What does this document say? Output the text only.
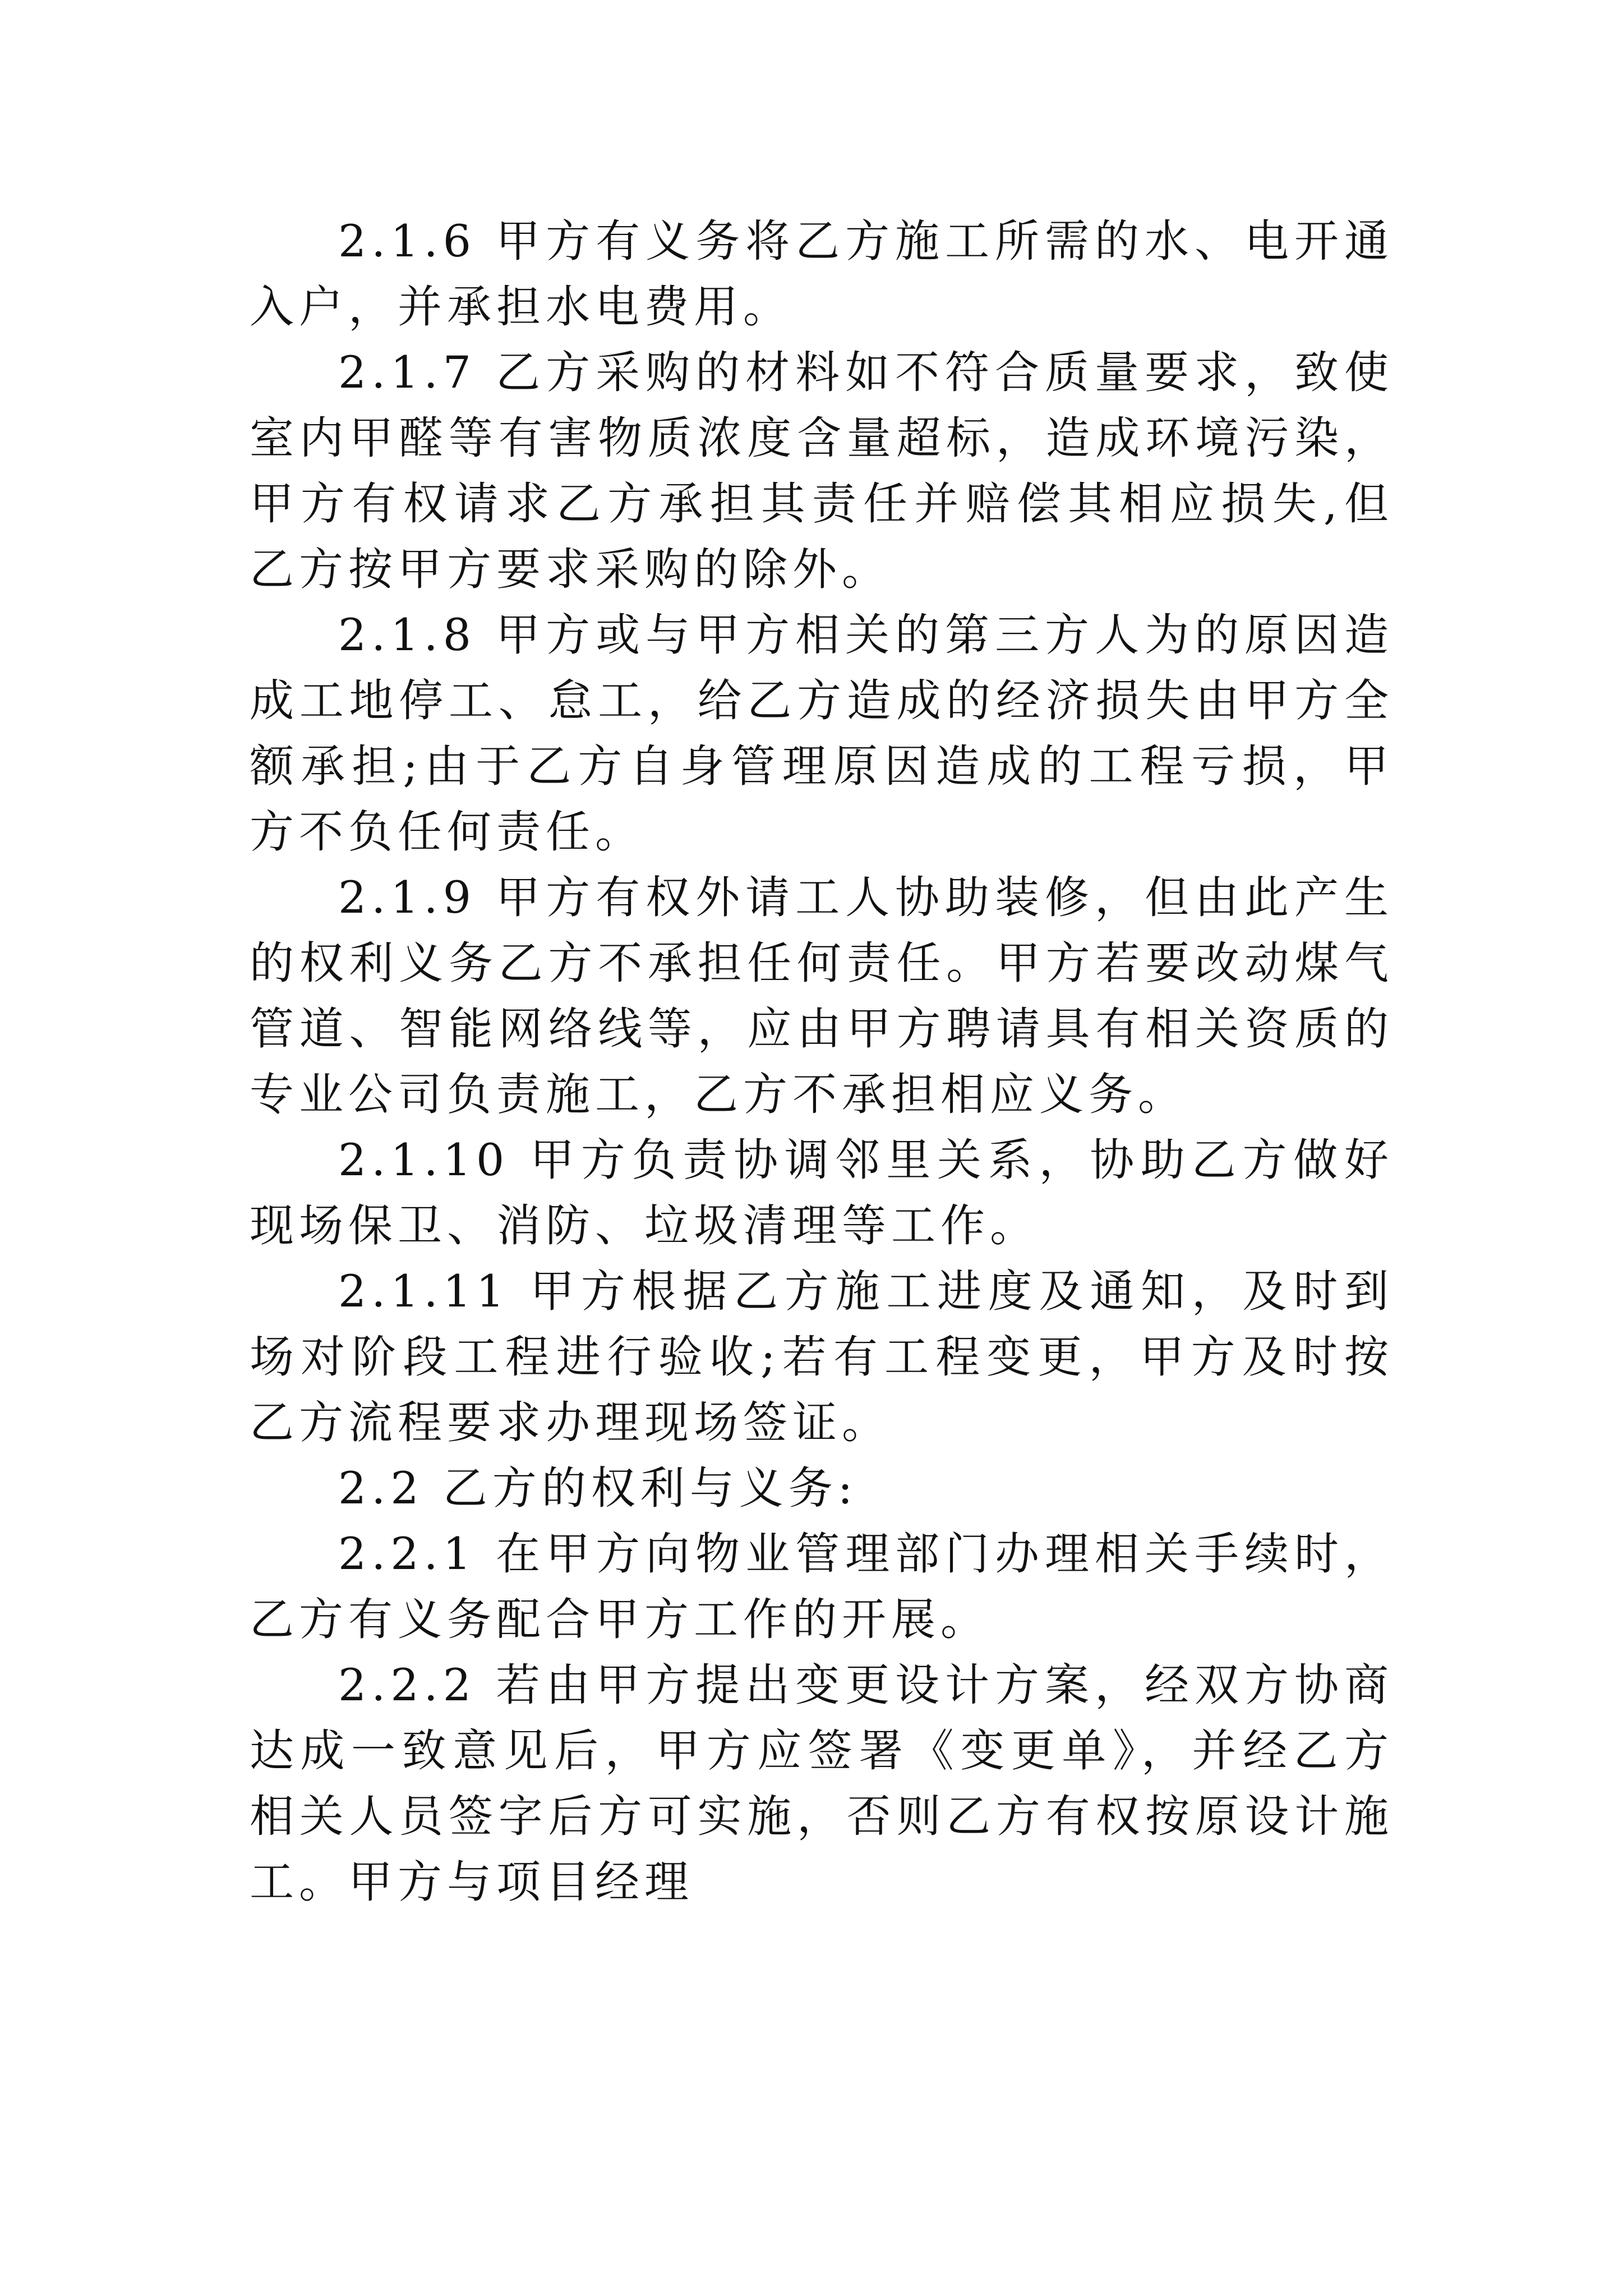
2.1.6 甲方有义务将乙方施工所需的水、电开通入户，并承担水电费用。

2.1.7 乙方采购的材料如不符合质量要求，致使室内甲醛等有害物质浓度含量超标，造成环境污染，甲方有权请求乙方承担其责任并赔偿其相应损失,但乙方按甲方要求采购的除外。

2.1.8 甲方或与甲方相关的第三方人为的原因造成工地停工、怠工，给乙方造成的经济损失由甲方全额承担;由于乙方自身管理原因造成的工程亏损，甲方不负任何责任。

2.1.9 甲方有权外请工人协助装修，但由此产生的权利义务乙方不承担任何责任。甲方若要改动煤气管道、智能网络线等，应由甲方聘请具有相关资质的专业公司负责施工，乙方不承担相应义务。

2.1.10 甲方负责协调邻里关系，协助乙方做好现场保卫、消防、垃圾清理等工作。

2.1.11 甲方根据乙方施工进度及通知，及时到场对阶段工程进行验收;若有工程变更，甲方及时按乙方流程要求办理现场签证。

2.2 乙方的权利与义务:

2.2.1 在甲方向物业管理部门办理相关手续时，乙方有义务配合甲方工作的开展。

2.2.2 若由甲方提出变更设计方案，经双方协商达成一致意见后，甲方应签署《变更单》，并经乙方相关人员签字后方可实施，否则乙方有权按原设计施工。甲方与项目经理
